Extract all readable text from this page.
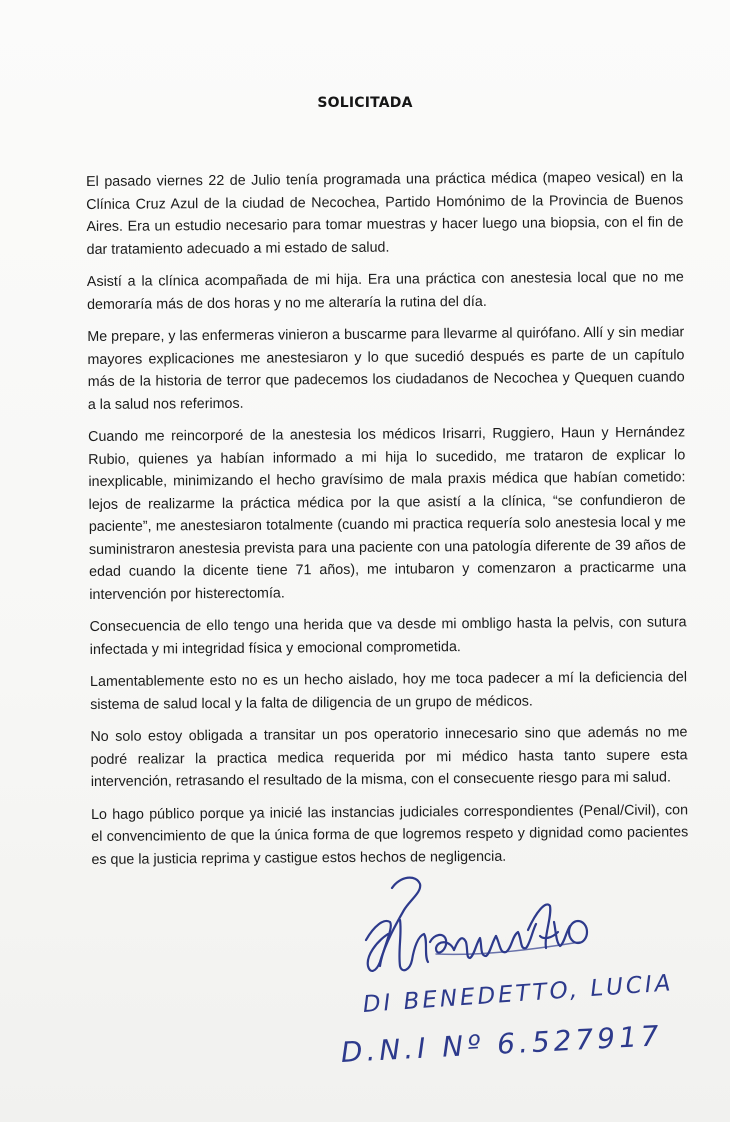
SOLICITADA

El pasado viernes 22 de Julio tenía programada una práctica médica (mapeo vesical) en la Clínica Cruz Azul de la ciudad de Necochea, Partido Homónimo de la Provincia de Buenos Aires. Era un estudio necesario para tomar muestras y hacer luego una biopsia, con el fin de dar tratamiento adecuado a mi estado de salud.

Asistí a la clínica acompañada de mi hija. Era una práctica con anestesia local que no me demoraría más de dos horas y no me alteraría la rutina del día.

Me prepare, y las enfermeras vinieron a buscarme para llevarme al quirófano. Allí y sin mediar mayores explicaciones me anestesiaron y lo que sucedió después es parte de un capítulo más de la historia de terror que padecemos los ciudadanos de Necochea y Quequen cuando a la salud nos referimos.

Cuando me reincorporé de la anestesia los médicos Irisarri, Ruggiero, Haun y Hernández Rubio, quienes ya habían informado a mi hija lo sucedido, me trataron de explicar lo inexplicable, minimizando el hecho gravísimo de mala praxis médica que habían cometido: lejos de realizarme la práctica médica por la que asistí a la clínica, “se confundieron de paciente”, me anestesiaron totalmente (cuando mi practica requería solo anestesia local y me suministraron anestesia prevista para una paciente con una patología diferente de 39 años de edad cuando la dicente tiene 71 años), me intubaron y comenzaron a practicarme una intervención por histerectomía.

Consecuencia de ello tengo una herida que va desde mi ombligo hasta la pelvis, con sutura infectada y mi integridad física y emocional comprometida.

Lamentablemente esto no es un hecho aislado, hoy me toca padecer a mí la deficiencia del sistema de salud local y la falta de diligencia de un grupo de médicos.

No solo estoy obligada a transitar un pos operatorio innecesario sino que además no me podré realizar la practica medica requerida por mi médico hasta tanto supere esta intervención, retrasando el resultado de la misma, con el consecuente riesgo para mi salud.

Lo hago público porque ya inicié las instancias judiciales correspondientes (Penal/Civil), con el convencimiento de que la única forma de que logremos respeto y dignidad como pacientes es que la justicia reprima y castigue estos hechos de negligencia.

DI BENEDETTO, LUCIA
D.N.I Nº 6.527917
